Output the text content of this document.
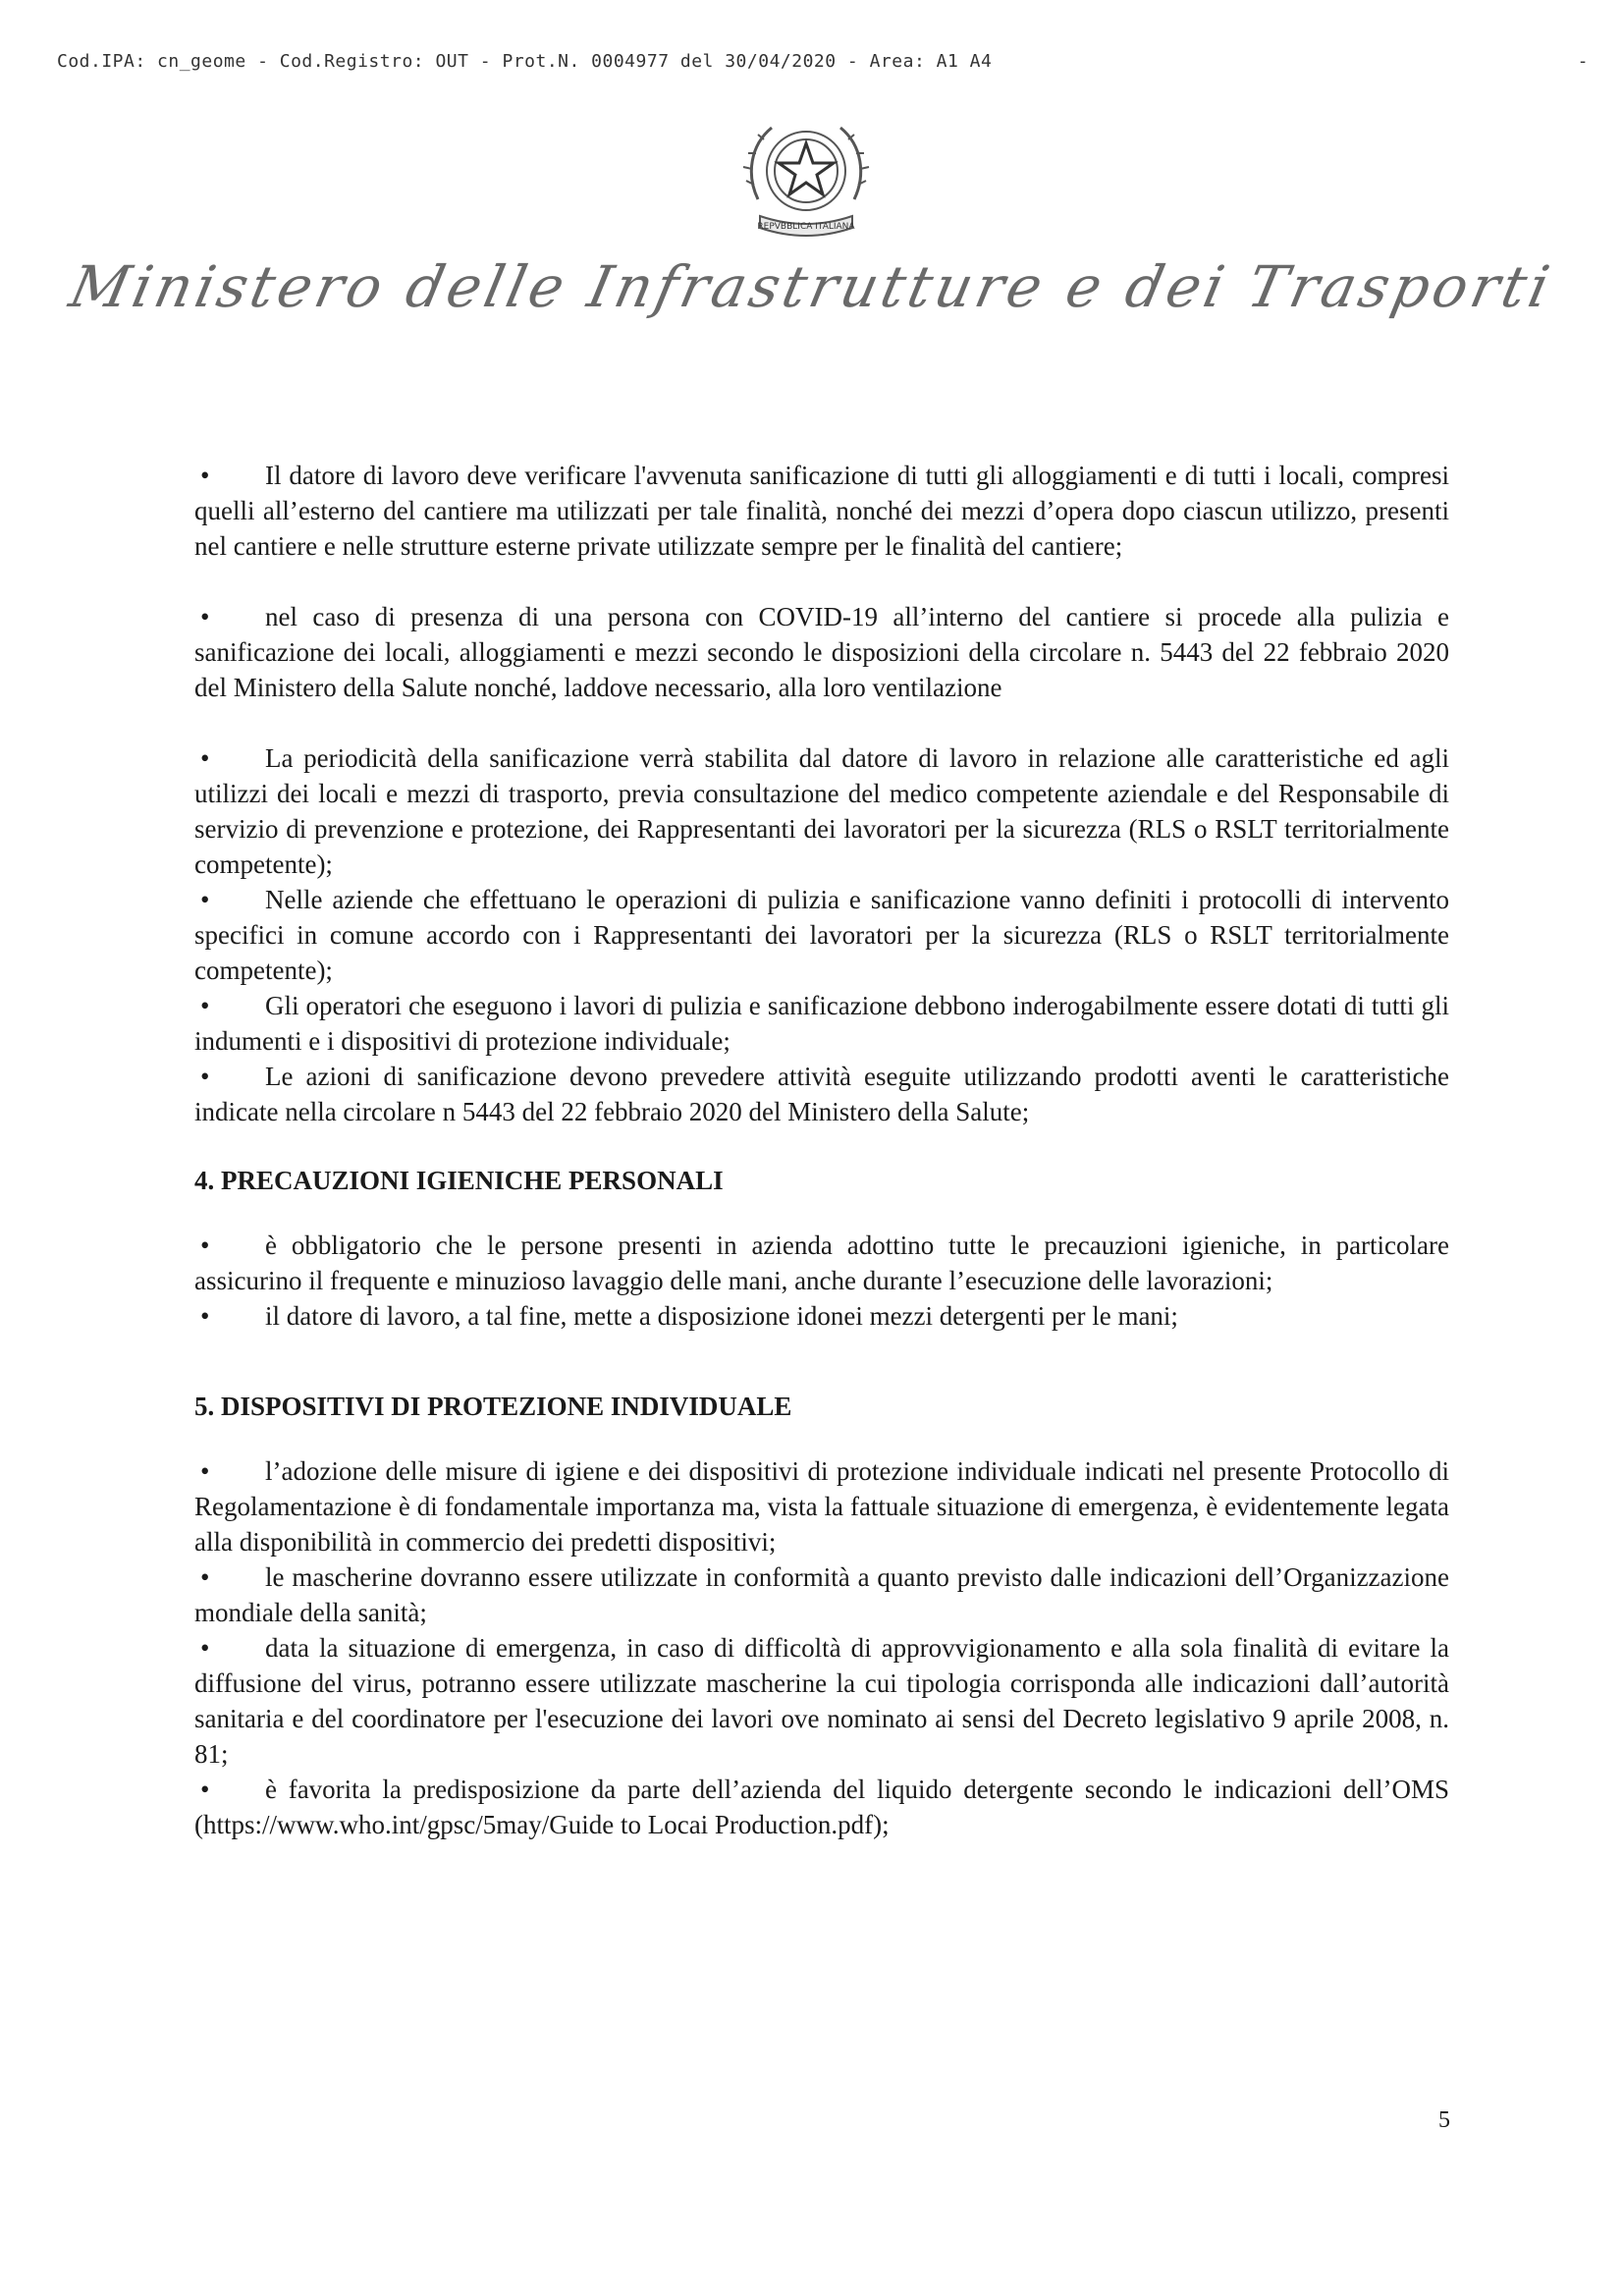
Cod.IPA: cn_geome - Cod.Registro: OUT - Prot.N. 0004977 del 30/04/2020 - Area: A1 A4	-
REPVBBLICA ITALIANA
Ministero delle Infrastrutture e dei Trasporti

• Il datore di lavoro deve verificare l'avvenuta sanificazione di tutti gli alloggiamenti e di tutti i locali, compresi quelli all’esterno del cantiere ma utilizzati per tale finalità, nonché dei mezzi d’opera dopo ciascun utilizzo, presenti nel cantiere e nelle strutture esterne private utilizzate sempre per le finalità del cantiere;

• nel caso di presenza di una persona con COVID-19 all’interno del cantiere si procede alla pulizia e sanificazione dei locali, alloggiamenti e mezzi secondo le disposizioni della circolare n. 5443 del 22 febbraio 2020 del Ministero della Salute nonché, laddove necessario, alla loro ventilazione

• La periodicità della sanificazione verrà stabilita dal datore di lavoro in relazione alle caratteristiche ed agli utilizzi dei locali e mezzi di trasporto, previa consultazione del medico competente aziendale e del Responsabile di servizio di prevenzione e protezione, dei Rappresentanti dei lavoratori per la sicurezza (RLS o RSLT territorialmente competente);

• Nelle aziende che effettuano le operazioni di pulizia e sanificazione vanno definiti i protocolli di intervento specifici in comune accordo con i Rappresentanti dei lavoratori per la sicurezza (RLS o RSLT territorialmente competente);

• Gli operatori che eseguono i lavori di pulizia e sanificazione debbono inderogabilmente essere dotati di tutti gli indumenti e i dispositivi di protezione individuale;

• Le azioni di sanificazione devono prevedere attività eseguite utilizzando prodotti aventi le caratteristiche indicate nella circolare n 5443 del 22 febbraio 2020 del Ministero della Salute;

4. PRECAUZIONI IGIENICHE PERSONALI

• è obbligatorio che le persone presenti in azienda adottino tutte le precauzioni igieniche, in particolare assicurino il frequente e minuzioso lavaggio delle mani, anche durante l’esecuzione delle lavorazioni;

• il datore di lavoro, a tal fine, mette a disposizione idonei mezzi detergenti per le mani;

5. DISPOSITIVI DI PROTEZIONE INDIVIDUALE

• l’adozione delle misure di igiene e dei dispositivi di protezione individuale indicati nel presente Protocollo di Regolamentazione è di fondamentale importanza ma, vista la fattuale situazione di emergenza, è evidentemente legata alla disponibilità in commercio dei predetti dispositivi;

• le mascherine dovranno essere utilizzate in conformità a quanto previsto dalle indicazioni dell’Organizzazione mondiale della sanità;

• data la situazione di emergenza, in caso di difficoltà di approvvigionamento e alla sola finalità di evitare la diffusione del virus, potranno essere utilizzate mascherine la cui tipologia corrisponda alle indicazioni dall’autorità sanitaria e del coordinatore per l'esecuzione dei lavori ove nominato ai sensi del Decreto legislativo 9 aprile 2008, n. 81;

• è favorita la predisposizione da parte dell’azienda del liquido detergente secondo le indicazioni dell’OMS (https://www.who.int/gpsc/5may/Guide to Locai Production.pdf);

5
